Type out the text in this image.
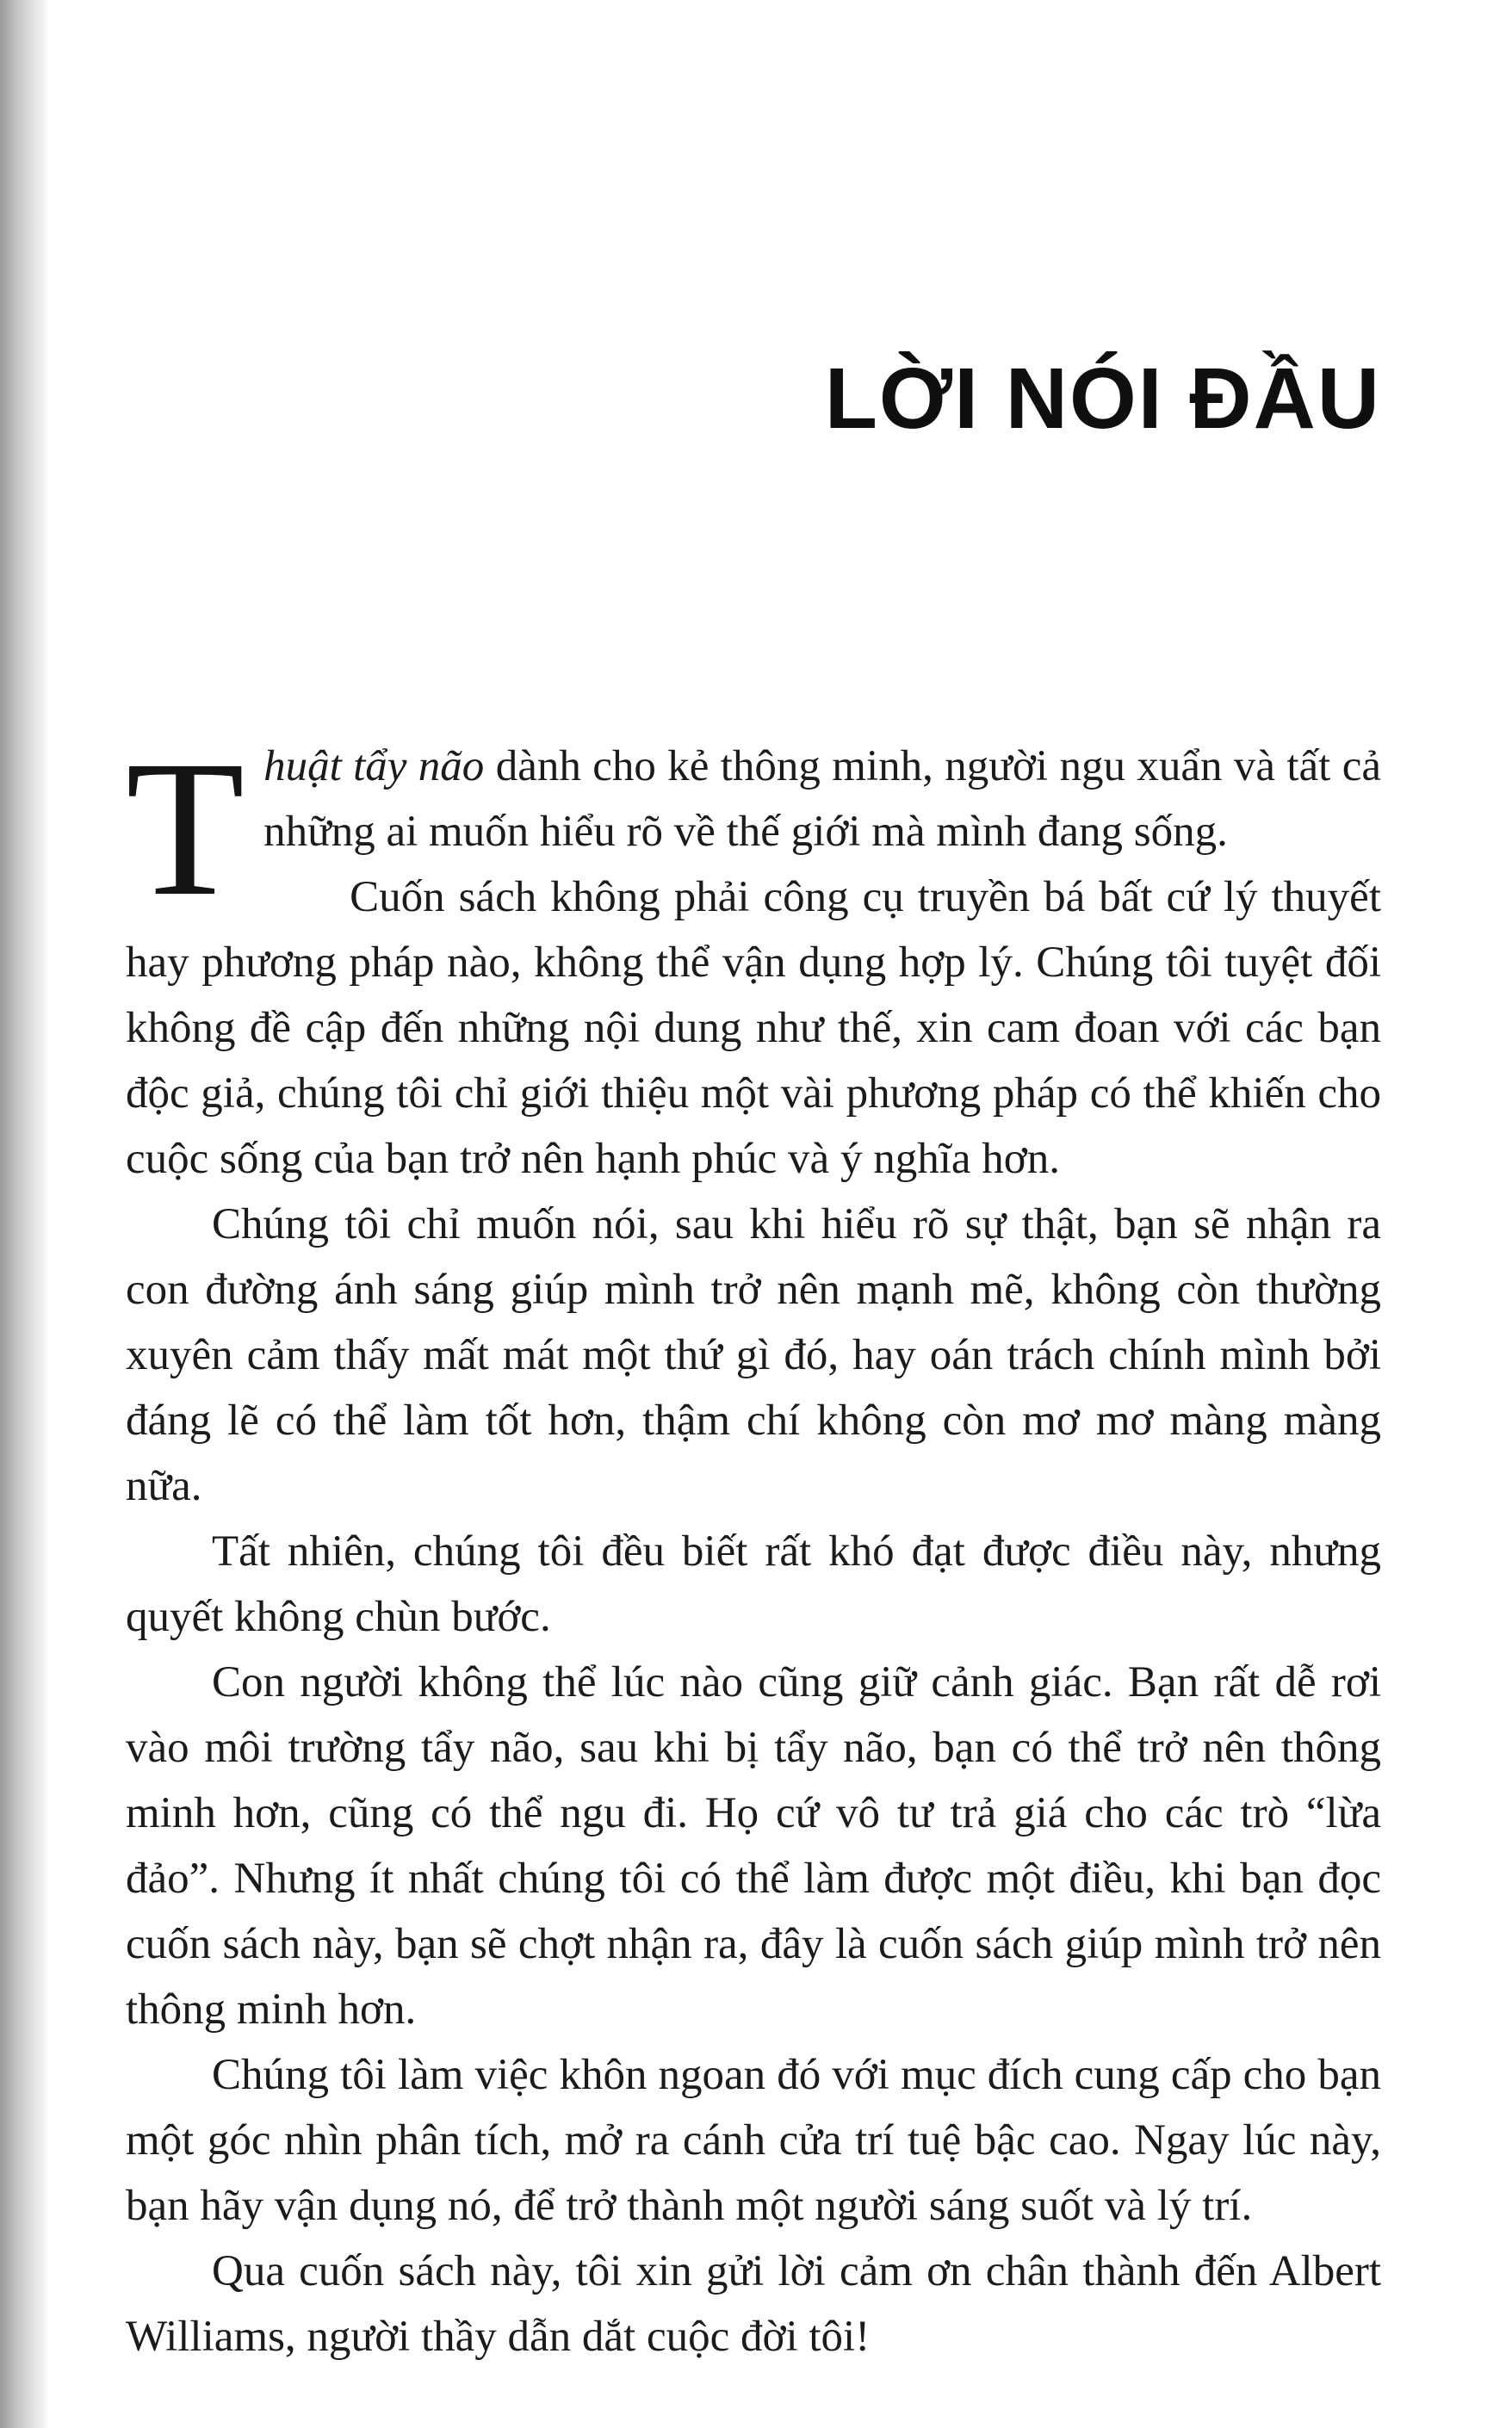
LỜI NÓI ĐẦU

Thuật tẩy não dành cho kẻ thông minh, người ngu xuẩn và tất cả những ai muốn hiểu rõ về thế giới mà mình đang sống.

Cuốn sách không phải công cụ truyền bá bất cứ lý thuyết hay phương pháp nào, không thể vận dụng hợp lý. Chúng tôi tuyệt đối không đề cập đến những nội dung như thế, xin cam đoan với các bạn độc giả, chúng tôi chỉ giới thiệu một vài phương pháp có thể khiến cho cuộc sống của bạn trở nên hạnh phúc và ý nghĩa hơn.

Chúng tôi chỉ muốn nói, sau khi hiểu rõ sự thật, bạn sẽ nhận ra con đường ánh sáng giúp mình trở nên mạnh mẽ, không còn thường xuyên cảm thấy mất mát một thứ gì đó, hay oán trách chính mình bởi đáng lẽ có thể làm tốt hơn, thậm chí không còn mơ mơ màng màng nữa.

Tất nhiên, chúng tôi đều biết rất khó đạt được điều này, nhưng quyết không chùn bước.

Con người không thể lúc nào cũng giữ cảnh giác. Bạn rất dễ rơi vào môi trường tẩy não, sau khi bị tẩy não, bạn có thể trở nên thông minh hơn, cũng có thể ngu đi. Họ cứ vô tư trả giá cho các trò “lừa đảo”. Nhưng ít nhất chúng tôi có thể làm được một điều, khi bạn đọc cuốn sách này, bạn sẽ chợt nhận ra, đây là cuốn sách giúp mình trở nên thông minh hơn.

Chúng tôi làm việc khôn ngoan đó với mục đích cung cấp cho bạn một góc nhìn phân tích, mở ra cánh cửa trí tuệ bậc cao. Ngay lúc này, bạn hãy vận dụng nó, để trở thành một người sáng suốt và lý trí.

Qua cuốn sách này, tôi xin gửi lời cảm ơn chân thành đến Albert Williams, người thầy dẫn dắt cuộc đời tôi!
